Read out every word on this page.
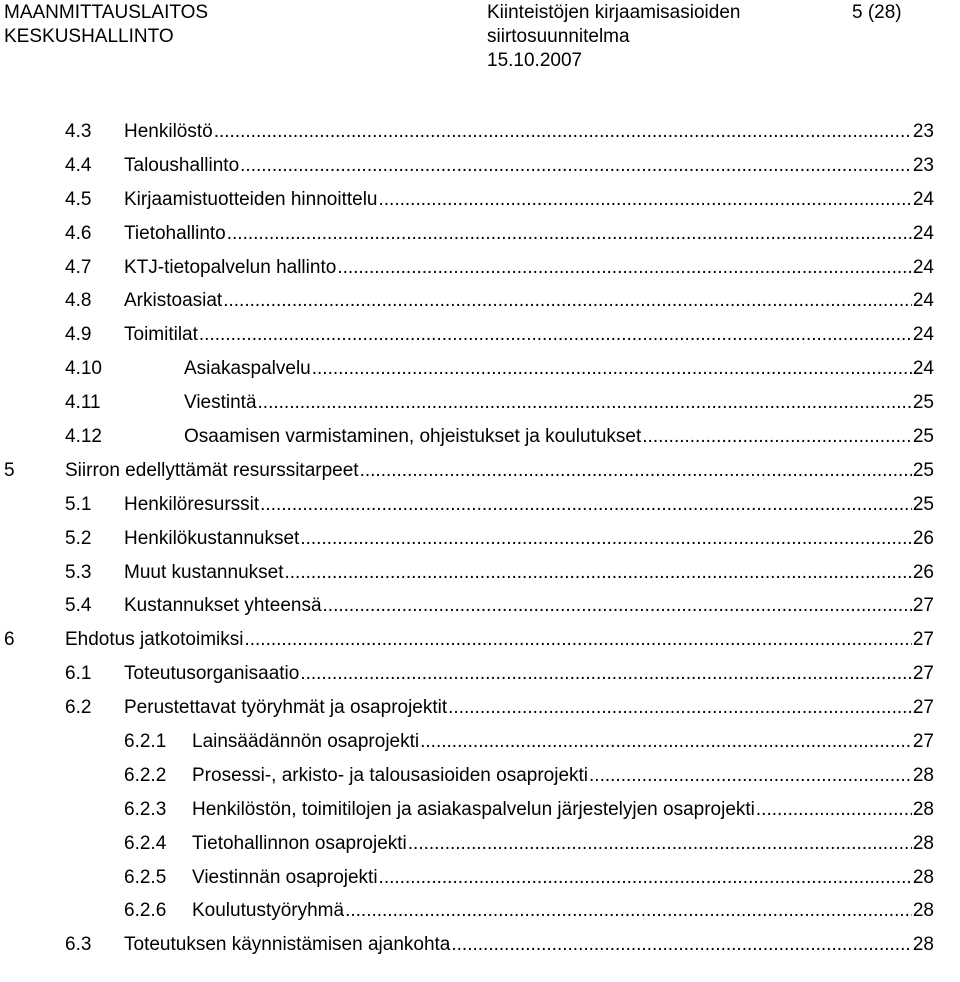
MAANMITTAUSLAITOS
KESKUSHALLINTO
Kiinteistöjen kirjaamisasioiden
siirtosuunnitelma
15.10.2007
5 (28)
4.3 Henkilöstö .....	23
4.4 Taloushallinto .....	23
4.5 Kirjaamistuotteiden hinnoittelu .....	24
4.6 Tietohallinto .....	24
4.7 KTJ-tietopalvelun hallinto .....	24
4.8 Arkistoasiat .....	24
4.9 Toimitilat .....	24
4.10	Asiakaspalvelu .....	24
4.11	Viestintä .....	25
4.12	Osaamisen varmistaminen, ohjeistukset ja koulutukset .....	25
5	Siirron edellyttämät resurssitarpeet .....	25
5.1 Henkilöresurssit .....	25
5.2 Henkilökustannukset .....	26
5.3 Muut kustannukset .....	26
5.4 Kustannukset yhteensä .....	27
6	Ehdotus jatkotoimiksi .....	27
6.1 Toteutusorganisaatio .....	27
6.2 Perustettavat työryhmät ja osaprojektit .....	27
6.2.1 Lainsäädännön osaprojekti .....	27
6.2.2 Prosessi-, arkisto- ja talousasioiden osaprojekti .....	28
6.2.3 Henkilöstön, toimitilojen ja asiakaspalvelun järjestelyjen osaprojekti .....	28
6.2.4 Tietohallinnon osaprojekti .....	28
6.2.5 Viestinnän osaprojekti .....	28
6.2.6 Koulutustyöryhmä .....	28
6.3 Toteutuksen käynnistämisen ajankohta .....	28
